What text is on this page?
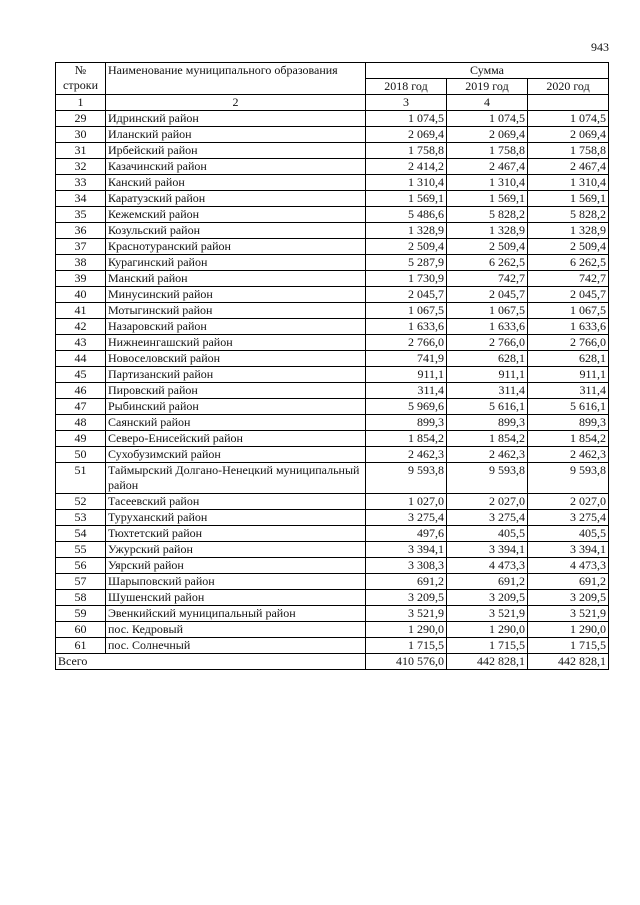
943
№
строки	Наименование муниципального образования	Сумма		
		2018 год	2019 год	2020 год
1	2	3	4	
29	Идринский район	1 074,5	1 074,5	1 074,5
30	Иланский район	2 069,4	2 069,4	2 069,4
31	Ирбейский район	1 758,8	1 758,8	1 758,8
32	Казачинский район	2 414,2	2 467,4	2 467,4
33	Канский район	1 310,4	1 310,4	1 310,4
34	Каратузский район	1 569,1	1 569,1	1 569,1
35	Кежемский район	5 486,6	5 828,2	5 828,2
36	Козульский район	1 328,9	1 328,9	1 328,9
37	Краснотуранский район	2 509,4	2 509,4	2 509,4
38	Курагинский район	5 287,9	6 262,5	6 262,5
39	Манский район	1 730,9	742,7	742,7
40	Минусинский район	2 045,7	2 045,7	2 045,7
41	Мотыгинский район	1 067,5	1 067,5	1 067,5
42	Назаровский район	1 633,6	1 633,6	1 633,6
43	Нижнеингашский район	2 766,0	2 766,0	2 766,0
44	Новоселовский район	741,9	628,1	628,1
45	Партизанский район	911,1	911,1	911,1
46	Пировский район	311,4	311,4	311,4
47	Рыбинский район	5 969,6	5 616,1	5 616,1
48	Саянский район	899,3	899,3	899,3
49	Северо-Енисейский район	1 854,2	1 854,2	1 854,2
50	Сухобузимский район	2 462,3	2 462,3	2 462,3
51	Таймырский Долгано-Ненецкий муниципальный район	9 593,8	9 593,8	9 593,8
52	Тасеевский район	1 027,0	2 027,0	2 027,0
53	Туруханский район	3 275,4	3 275,4	3 275,4
54	Тюхтетский район	497,6	405,5	405,5
55	Ужурский район	3 394,1	3 394,1	3 394,1
56	Уярский район	3 308,3	4 473,3	4 473,3
57	Шарыповский район	691,2	691,2	691,2
58	Шушенский район	3 209,5	3 209,5	3 209,5
59	Эвенкийский муниципальный район	3 521,9	3 521,9	3 521,9
60	пос. Кедровый	1 290,0	1 290,0	1 290,0
61	пос. Солнечный	1 715,5	1 715,5	1 715,5
Всего		410 576,0	442 828,1	442 828,1
